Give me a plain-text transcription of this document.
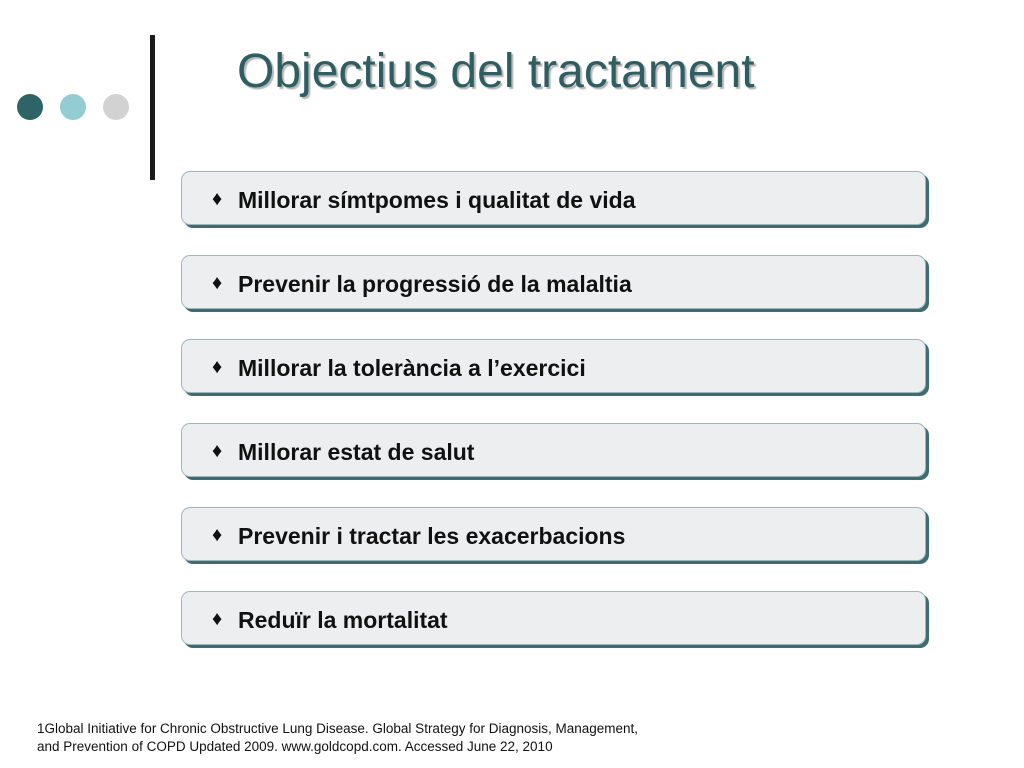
Objectius del tractament
♦ Millorar símtpomes i qualitat de vida
♦ Prevenir la progressió de la malaltia
♦ Millorar la tolerància a l’exercici
♦ Millorar estat de salut
♦ Prevenir i tractar les exacerbacions
♦ Reduïr la mortalitat
1Global Initiative for Chronic Obstructive Lung Disease. Global Strategy for Diagnosis, Management,
and Prevention of COPD Updated 2009. www.goldcopd.com. Accessed June 22, 2010
